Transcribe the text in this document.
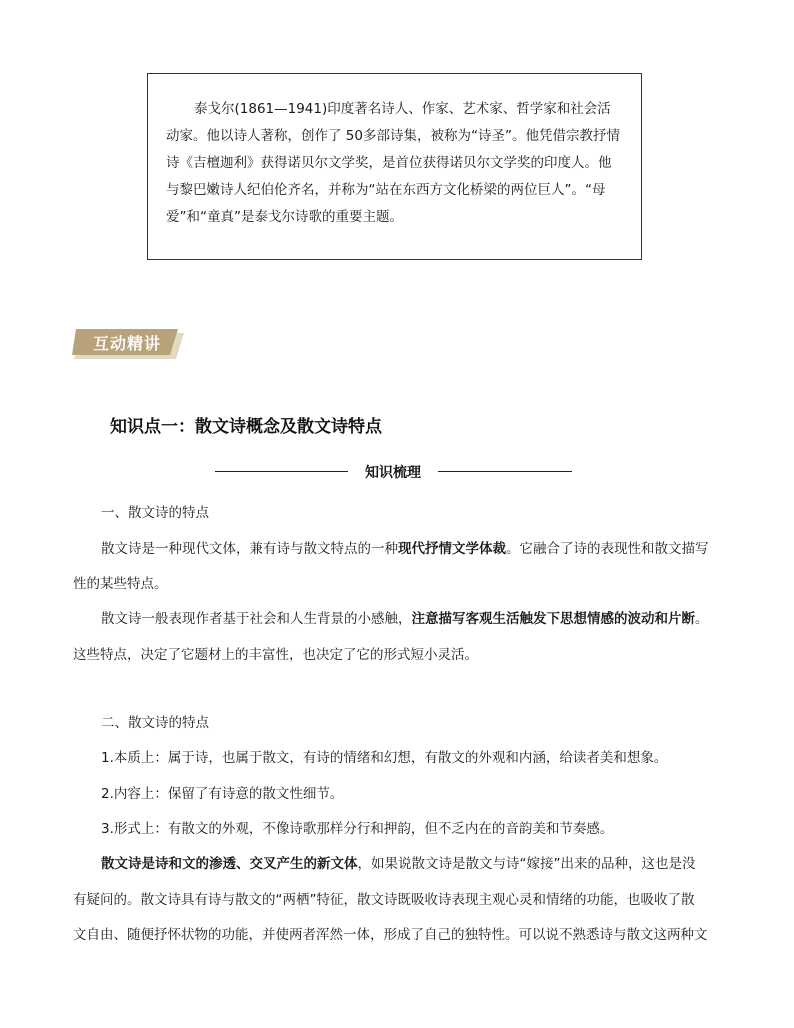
泰戈尔(1861—1941)印度著名诗人、作家、艺术家、哲学家和社会活动家。他以诗人著称，创作了 50多部诗集，被称为“诗圣”。他凭借宗教抒情诗《吉檀迦利》获得诺贝尔文学奖，是首位获得诺贝尔文学奖的印度人。他与黎巴嫩诗人纪伯伦齐名，并称为“站在东西方文化桥梁的两位巨人”。“母爱”和“童真”是泰戈尔诗歌的重要主题。

互动精讲
知识点一：散文诗概念及散文诗特点
知识梳理
一、散文诗的特点
散文诗是一种现代文体，兼有诗与散文特点的一种现代抒情文学体裁。它融合了诗的表现性和散文描写
性的某些特点。
散文诗一般表现作者基于社会和人生背景的小感触，注意描写客观生活触发下思想情感的波动和片断。
这些特点，决定了它题材上的丰富性，也决定了它的形式短小灵活。
二、散文诗的特点
1.本质上：属于诗，也属于散文，有诗的情绪和幻想，有散文的外观和内涵，给读者美和想象。
2.内容上：保留了有诗意的散文性细节。
3.形式上：有散文的外观，不像诗歌那样分行和押韵，但不乏内在的音韵美和节奏感。
散文诗是诗和文的渗透、交叉产生的新文体，如果说散文诗是散文与诗“嫁接”出来的品种，这也是没
有疑问的。散文诗具有诗与散文的“两栖”特征，散文诗既吸收诗表现主观心灵和情绪的功能，也吸收了散
文自由、随便抒怀状物的功能，并使两者浑然一体，形成了自己的独特性。可以说不熟悉诗与散文这两种文
